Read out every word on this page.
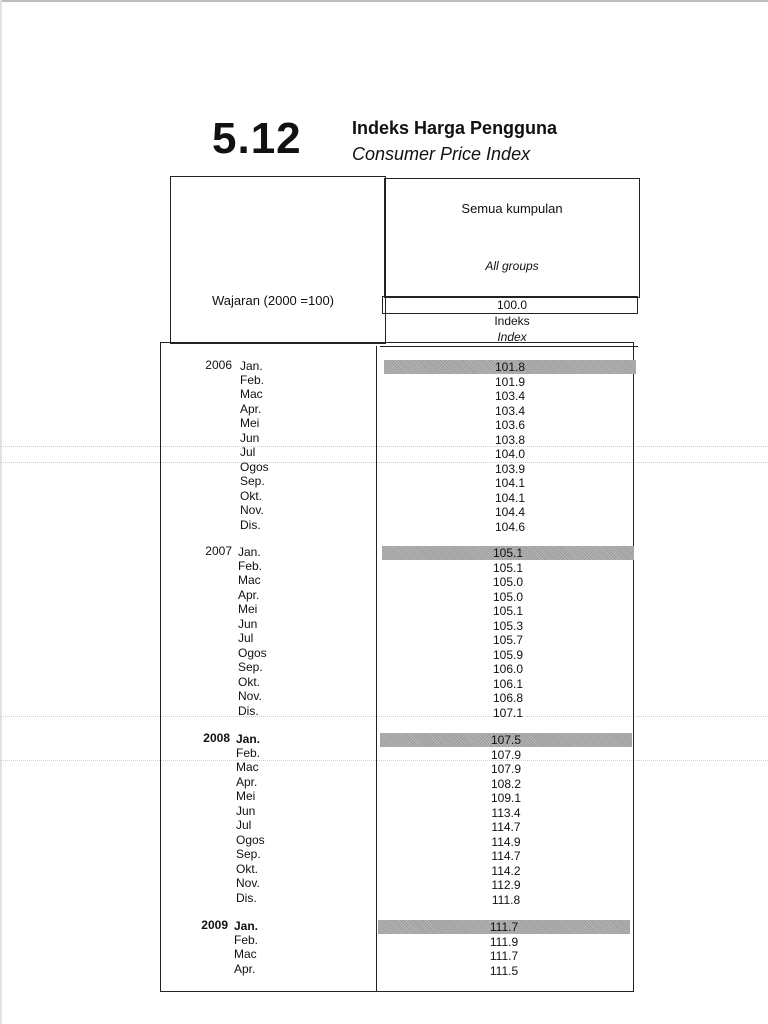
5.12	Indeks Harga Pengguna
Consumer Price Index
Semua kumpulan
All groups
Wajaran (2000 =100)	100.0
Indeks
Index
2006 Jan.	101.8
Feb.	101.9
Mac	103.4
Apr.	103.4
Mei	103.6
Jun	103.8
Jul	104.0
Ogos	103.9
Sep.	104.1
Okt.	104.1
Nov.	104.4
Dis.	104.6
2007 Jan.	105.1
Feb.	105.1
Mac	105.0
Apr.	105.0
Mei	105.1
Jun	105.3
Jul	105.7
Ogos	105.9
Sep.	106.0
Okt.	106.1
Nov.	106.8
Dis.	107.1
2008 Jan.	107.5
Feb.	107.9
Mac	107.9
Apr.	108.2
Mei	109.1
Jun	113.4
Jul	114.7
Ogos	114.9
Sep.	114.7
Okt.	114.2
Nov.	112.9
Dis.	111.8
2009 Jan.	111.7
Feb.	111.9
Mac	111.7
Apr.	111.5
